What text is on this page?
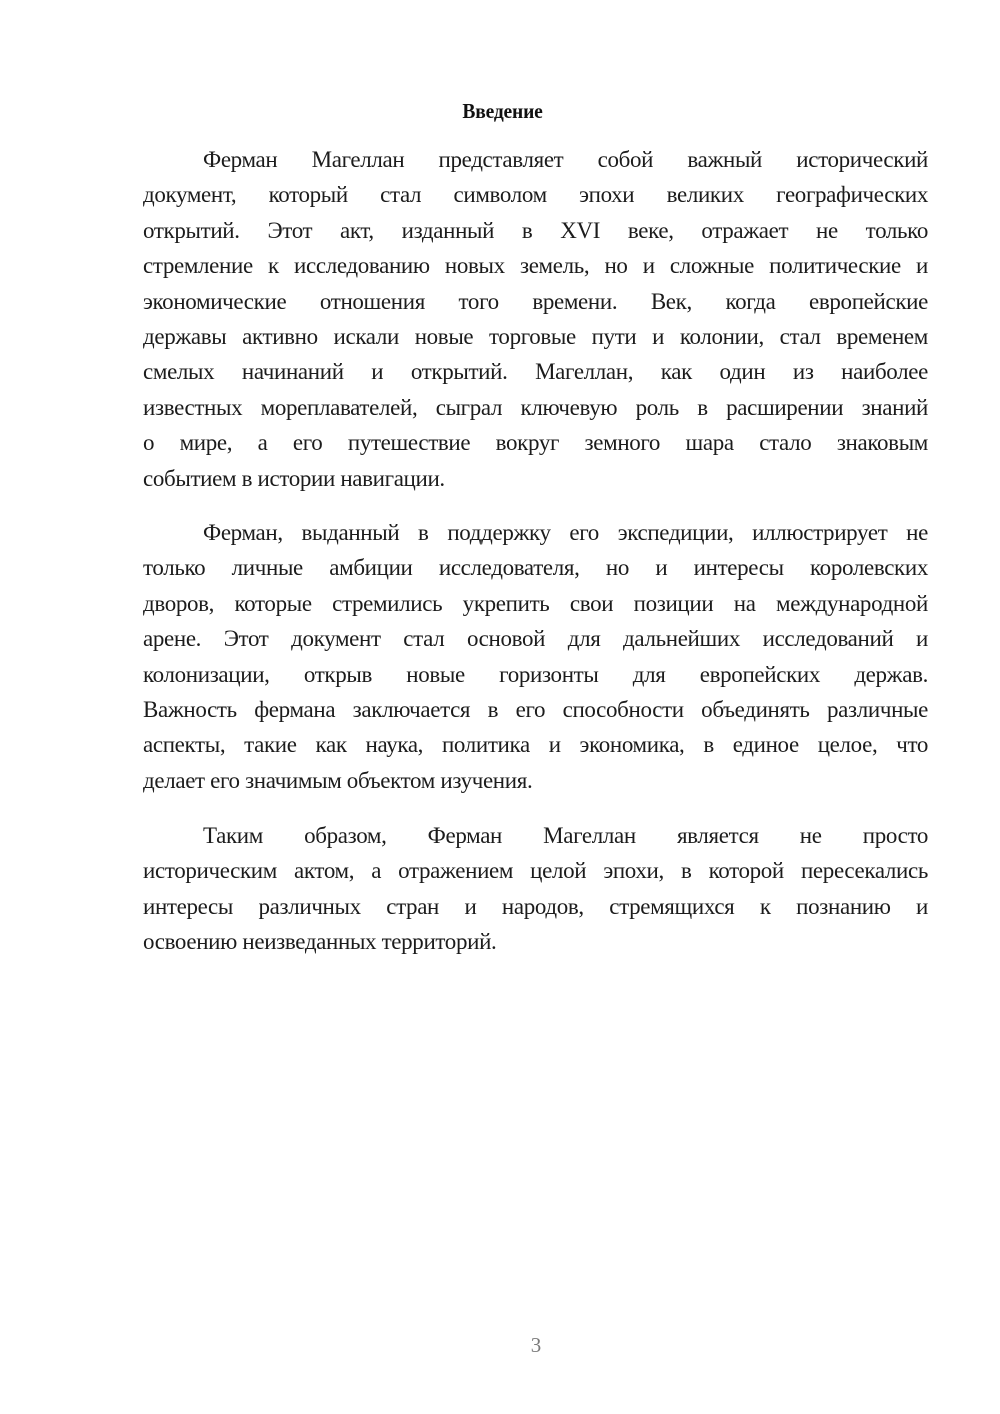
Введение
Ферман Магеллан представляет собой важный исторический
документ, который стал символом эпохи великих географических
открытий. Этот акт, изданный в XVI веке, отражает не только
стремление к исследованию новых земель, но и сложные политические и
экономические отношения того времени. Век, когда европейские
державы активно искали новые торговые пути и колонии, стал временем
смелых начинаний и открытий. Магеллан, как один из наиболее
известных мореплавателей, сыграл ключевую роль в расширении знаний
о мире, а его путешествие вокруг земного шара стало знаковым
событием в истории навигации.
Ферман, выданный в поддержку его экспедиции, иллюстрирует не
только личные амбиции исследователя, но и интересы королевских
дворов, которые стремились укрепить свои позиции на международной
арене. Этот документ стал основой для дальнейших исследований и
колонизации, открыв новые горизонты для европейских держав.
Важность фермана заключается в его способности объединять различные
аспекты, такие как наука, политика и экономика, в единое целое, что
делает его значимым объектом изучения.
Таким образом, Ферман Магеллан является не просто
историческим актом, а отражением целой эпохи, в которой пересекались
интересы различных стран и народов, стремящихся к познанию и
освоению неизведанных территорий.
3
